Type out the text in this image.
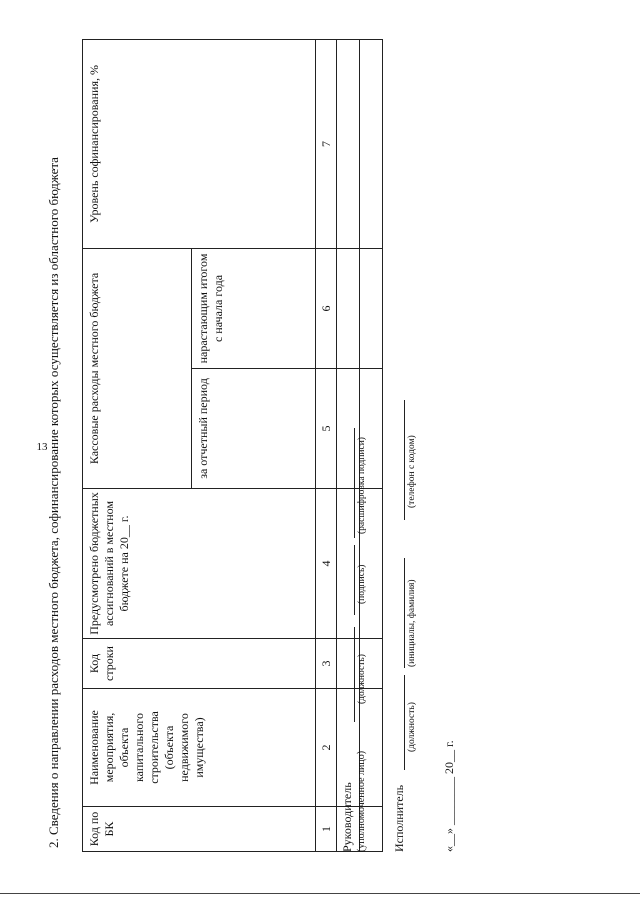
13
2. Сведения о направлении расходов местного бюджета, софинансирование которых осуществляется из областного бюджета Код по БК	Наименование мероприятия, объекта капитального строительства (объекта недвижимого имущества)	Код строки	Предусмотрено бюджетных ассигнований в местном бюджете на 20__ г.	Кассовые расходы местного бюджета		Уровень софинансирования, %
				за отчетный период	нарастающим итогом с начала года	
1	2	3	4	5	6	7

Руководитель (уполномоченное лицо)
(должность)
(подпись)
(расшифровка подписи)
Исполнитель
(должность)
(инициалы, фамилия)
(телефон с кодом)
«__» ________ 20__ г.
